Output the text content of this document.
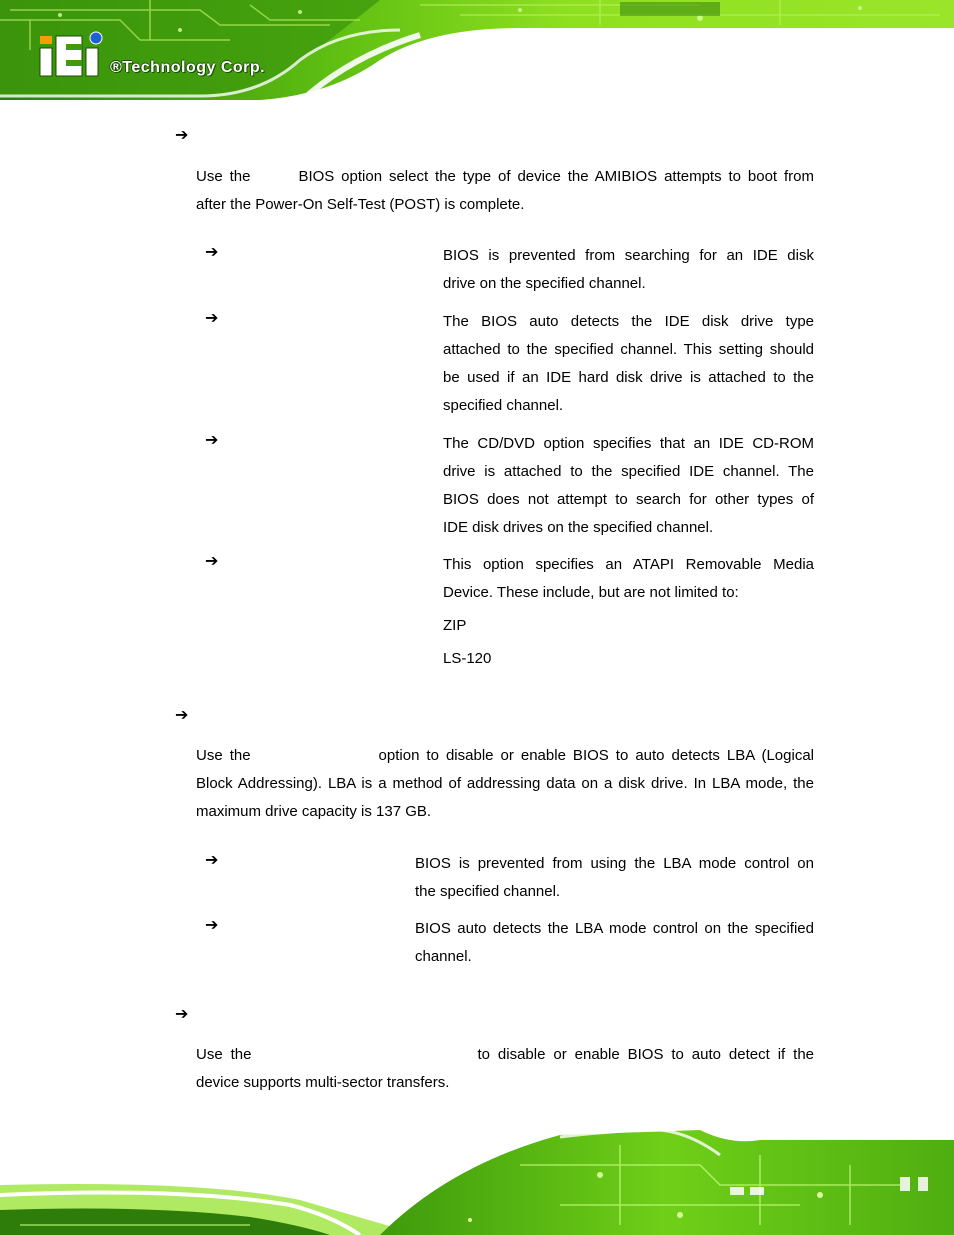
®Technology Corp.
➔
Use the	BIOS option select the type of device the AMIBIOS attempts to boot from
after the Power-On Self-Test (POST) is complete.
➔	BIOS is prevented from searching for an IDE disk
drive on the specified channel.
➔	The BIOS auto detects the IDE disk drive type
attached to the specified channel. This setting should
be used if an IDE hard disk drive is attached to the
specified channel.
➔	The CD/DVD option specifies that an IDE CD-ROM
drive is attached to the specified IDE channel. The
BIOS does not attempt to search for other types of
IDE disk drives on the specified channel.
➔	This option specifies an ATAPI Removable Media
Device. These include, but are not limited to:
ZIP
LS-120
➔
Use the	option to disable or enable BIOS to auto detects LBA (Logical
Block Addressing). LBA is a method of addressing data on a disk drive. In LBA mode, the
maximum drive capacity is 137 GB.
➔	BIOS is prevented from using the LBA mode control on
the specified channel.
➔	BIOS auto detects the LBA mode control on the specified
channel.
➔
Use the	to disable or enable BIOS to auto detect if the
device supports multi-sector transfers.
